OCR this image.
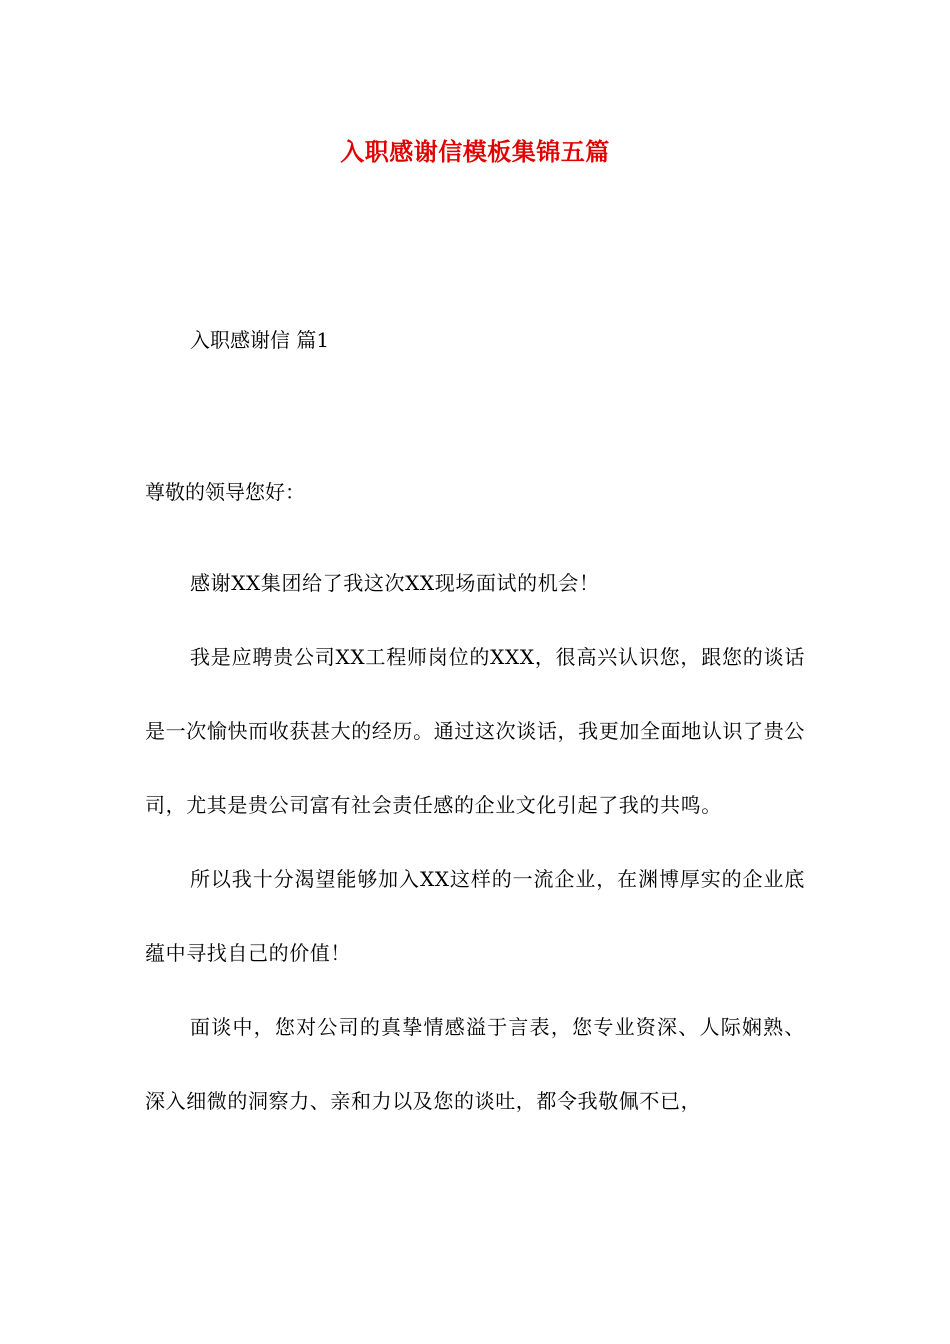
入职感谢信模板集锦五篇
入职感谢信 篇1
尊敬的领导您好：

感谢XX集团给了我这次XX现场面试的机会！

我是应聘贵公司XX工程师岗位的XXX，很高兴认识您，跟您的谈话是一次愉快而收获甚大的经历。通过这次谈话，我更加全面地认识了贵公司，尤其是贵公司富有社会责任感的企业文化引起了我的共鸣。

所以我十分渴望能够加入XX这样的一流企业，在渊博厚实的企业底蕴中寻找自己的价值！

面谈中，您对公司的真挚情感溢于言表，您专业资深、人际娴熟、深入细微的洞察力、亲和力以及您的谈吐，都令我敬佩不已，
